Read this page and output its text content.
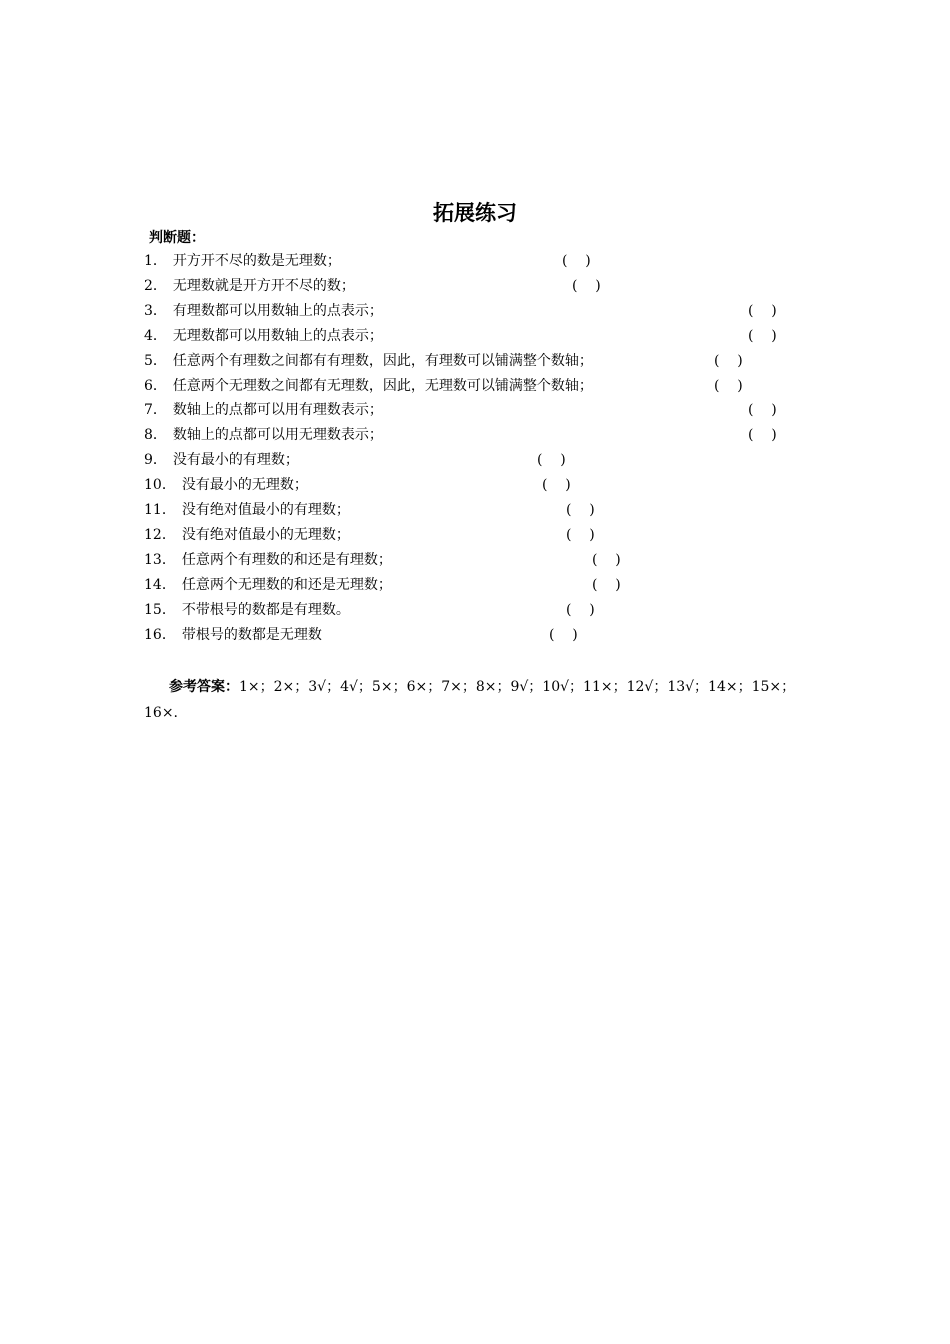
拓展练习
判断题：
1． 开方开不尽的数是无理数；	(    )
2． 无理数就是开方开不尽的数；	(    )
3． 有理数都可以用数轴上的点表示；	(    )
4． 无理数都可以用数轴上的点表示；	(    )
5． 任意两个有理数之间都有有理数，因此，有理数可以铺满整个数轴；	(    )
6． 任意两个无理数之间都有无理数，因此，无理数可以铺满整个数轴；	(    )
7． 数轴上的点都可以用有理数表示；	(    )
8． 数轴上的点都可以用无理数表示；	(    )
9． 没有最小的有理数；	(    )
10． 没有最小的无理数；	(    )
11． 没有绝对值最小的有理数；	(    )
12． 没有绝对值最小的无理数；	(    )
13． 任意两个有理数的和还是有理数；	(    )
14． 任意两个无理数的和还是无理数；	(    )
15． 不带根号的数都是有理数。	(    )
16． 带根号的数都是无理数	(    )
参考答案：1×；2×；3√；4√；5×；6×；7×；8×；9√；10√；11×；12√；13√；14×；15×；16×.
